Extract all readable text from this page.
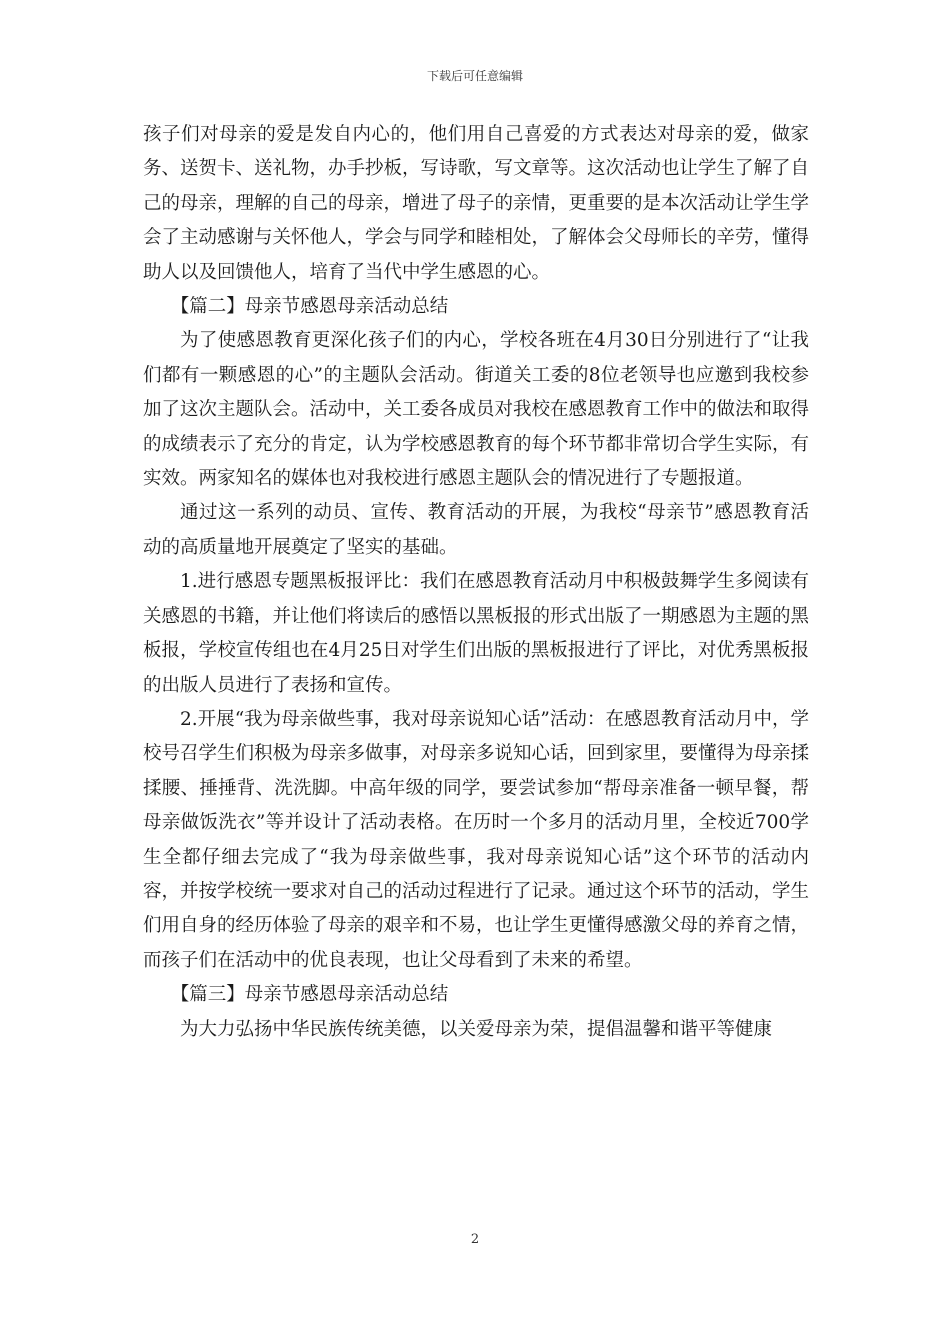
下载后可任意编辑

孩子们对母亲的爱是发自内心的，他们用自己喜爱的方式表达对母亲的爱，做家务、送贺卡、送礼物，办手抄板，写诗歌，写文章等。这次活动也让学生了解了自己的母亲，理解的自己的母亲，增进了母子的亲情，更重要的是本次活动让学生学会了主动感谢与关怀他人，学会与同学和睦相处，了解体会父母师长的辛劳，懂得助人以及回馈他人，培育了当代中学生感恩的心。

【篇二】母亲节感恩母亲活动总结

为了使感恩教育更深化孩子们的内心，学校各班在4月30日分别进行了“让我们都有一颗感恩的心”的主题队会活动。街道关工委的8位老领导也应邀到我校参加了这次主题队会。活动中，关工委各成员对我校在感恩教育工作中的做法和取得的成绩表示了充分的肯定，认为学校感恩教育的每个环节都非常切合学生实际，有实效。两家知名的媒体也对我校进行感恩主题队会的情况进行了专题报道。

通过这一系列的动员、宣传、教育活动的开展，为我校“母亲节”感恩教育活动的高质量地开展奠定了坚实的基础。

1.进行感恩专题黑板报评比：我们在感恩教育活动月中积极鼓舞学生多阅读有关感恩的书籍，并让他们将读后的感悟以黑板报的形式出版了一期感恩为主题的黑板报，学校宣传组也在4月25日对学生们出版的黑板报进行了评比，对优秀黑板报的出版人员进行了表扬和宣传。

2.开展“我为母亲做些事，我对母亲说知心话”活动：在感恩教育活动月中，学校号召学生们积极为母亲多做事，对母亲多说知心话，回到家里，要懂得为母亲揉揉腰、捶捶背、洗洗脚。中高年级的同学，要尝试参加“帮母亲准备一顿早餐，帮母亲做饭洗衣”等并设计了活动表格。在历时一个多月的活动月里，全校近700学生全都仔细去完成了“我为母亲做些事，我对母亲说知心话”这个环节的活动内容，并按学校统一要求对自己的活动过程进行了记录。通过这个环节的活动，学生们用自身的经历体验了母亲的艰辛和不易，也让学生更懂得感激父母的养育之情，而孩子们在活动中的优良表现，也让父母看到了未来的希望。

【篇三】母亲节感恩母亲活动总结

为大力弘扬中华民族传统美德，以关爱母亲为荣，提倡温馨和谐平等健康

2
